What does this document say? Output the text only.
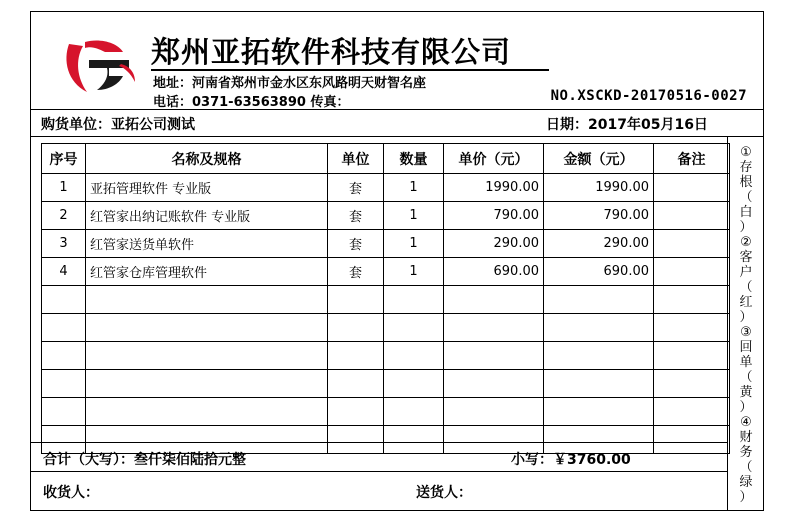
郑州亚拓软件科技有限公司
地址：河南省郑州市金水区东风路明天财智名座
电话：0371-63563890 传真：	NO.XSCKD-20170516-0027
购货单位：亚拓公司测试	日期：2017年05月16日
①
存
根
（
白
）
②
客
户
（
红
）
③
回
单
（
黄
）
④
财
务
（
绿
）
序号	名称及规格	单位	数量	单价（元）	金额（元）	备注
1	亚拓管理软件 专业版	套	1	1990.00	1990.00	
2	红管家出纳记账软件 专业版	套	1	790.00	790.00	
3	红管家送货单软件	套	1	290.00	290.00	
4	红管家仓库管理软件	套	1	690.00	690.00	

合计（大写）：叁仟柒佰陆拾元整	小写：￥3760.00
收货人：	送货人：
